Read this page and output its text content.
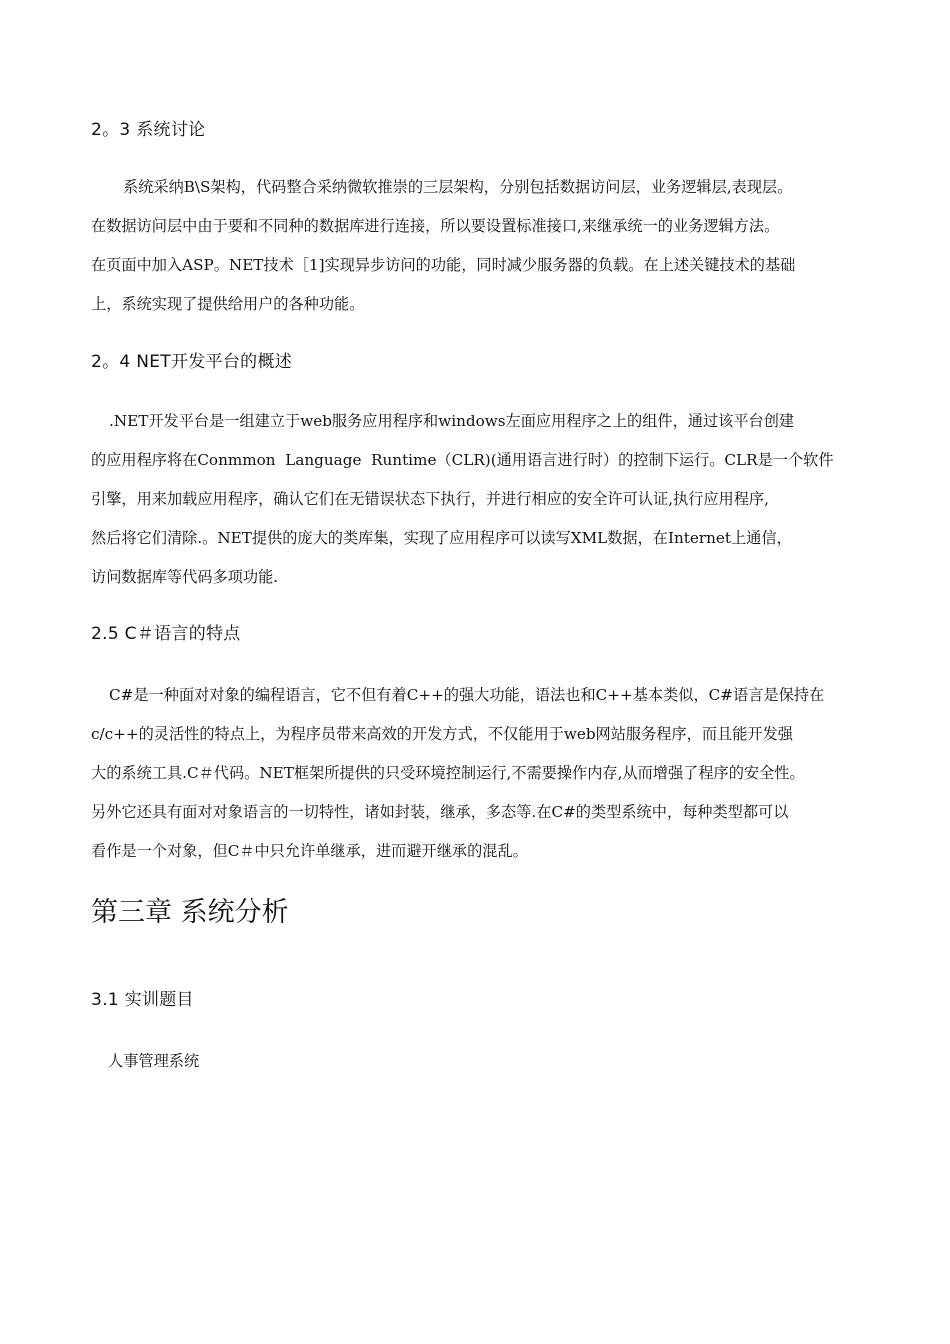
2。3 系统讨论
系统采纳B\S架构，代码整合采纳微软推崇的三层架构，分别包括数据访问层，业务逻辑层,表现层。
在数据访问层中由于要和不同种的数据库进行连接，所以要设置标准接口,来继承统一的业务逻辑方法。
在页面中加入ASP。NET技术［1]实现异步访问的功能，同时减少服务器的负载。在上述关键技术的基础
上，系统实现了提供给用户的各种功能。
2。4 NET开发平台的概述
.NET开发平台是一组建立于web服务应用程序和windows左面应用程序之上的组件，通过该平台创建
的应用程序将在Conmmon  Language  Runtime（CLR)(通用语言进行时）的控制下运行。CLR是一个软件
引擎，用来加载应用程序，确认它们在无错误状态下执行，并进行相应的安全许可认证,执行应用程序,
然后将它们清除.。NET提供的庞大的类库集，实现了应用程序可以读写XML数据，在Internet上通信，
访问数据库等代码多项功能.
2.5 C＃语言的特点
C#是一种面对对象的编程语言，它不但有着C++的强大功能，语法也和C++基本类似，C#语言是保持在
c/c++的灵活性的特点上，为程序员带来高效的开发方式，不仅能用于web网站服务程序，而且能开发强
大的系统工具.C＃代码。NET框架所提供的只受环境控制运行,不需要操作内存,从而增强了程序的安全性。
另外它还具有面对对象语言的一切特性，诸如封装，继承，多态等.在C#的类型系统中，每种类型都可以
看作是一个对象，但C＃中只允许单继承，进而避开继承的混乱。
第三章 系统分析
3.1 实训题目
人事管理系统
